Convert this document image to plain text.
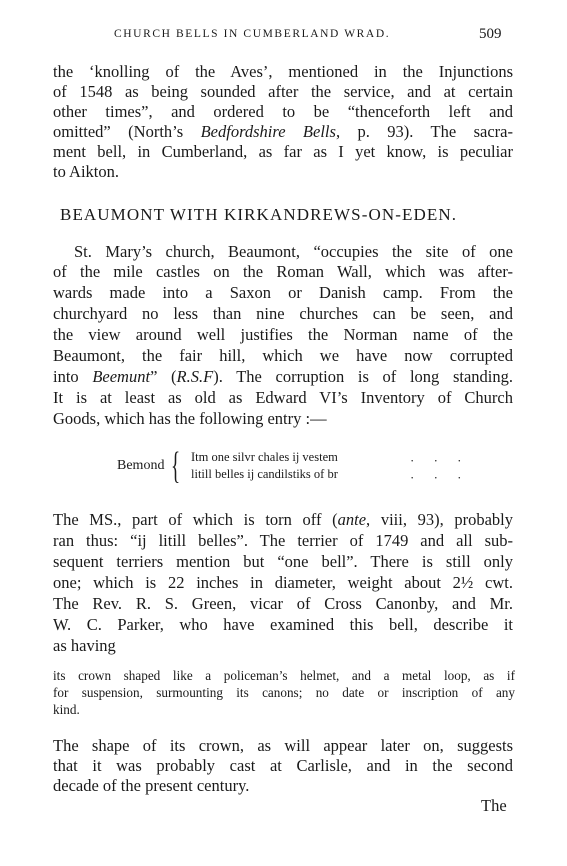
CHURCH BELLS IN CUMBERLAND WRAD.	509
the ‘knolling of the Aves’, mentioned in the Injunctions
of 1548 as being sounded after the service, and at certain
other times”, and ordered to be “thenceforth left and
omitted” (North’s Bedfordshire Bells, p. 93). The sacra-
ment bell, in Cumberland, as far as I yet know, is peculiar
to Aikton.
BEAUMONT WITH KIRKANDREWS-ON-EDEN.
St. Mary’s church, Beaumont, “occupies the site of one
of the mile castles on the Roman Wall, which was after-
wards made into a Saxon or Danish camp. From the
churchyard no less than nine churches can be seen, and
the view around well justifies the Norman name of the
Beaumont, the fair hill, which we have now corrupted
into Beemunt” (R.S.F). The corruption is of long standing.
It is at least as old as Edward VI’s Inventory of Church
Goods, which has the following entry :—
Bemond { Itm one silvr chales ij vestem
litill belles ij candilstiks of br
· · ·
· · ·
The MS., part of which is torn off (ante, viii, 93), probably
ran thus: “ij litill belles”. The terrier of 1749 and all sub-
sequent terriers mention but “one bell”. There is still only
one; which is 22 inches in diameter, weight about 2½ cwt.
The Rev. R. S. Green, vicar of Cross Canonby, and Mr.
W. C. Parker, who have examined this bell, describe it
as having
its crown shaped like a policeman’s helmet, and a metal loop, as if
for suspension, surmounting its canons; no date or inscription of any
kind.
The shape of its crown, as will appear later on, suggests
that it was probably cast at Carlisle, and in the second
decade of the present century.
The
